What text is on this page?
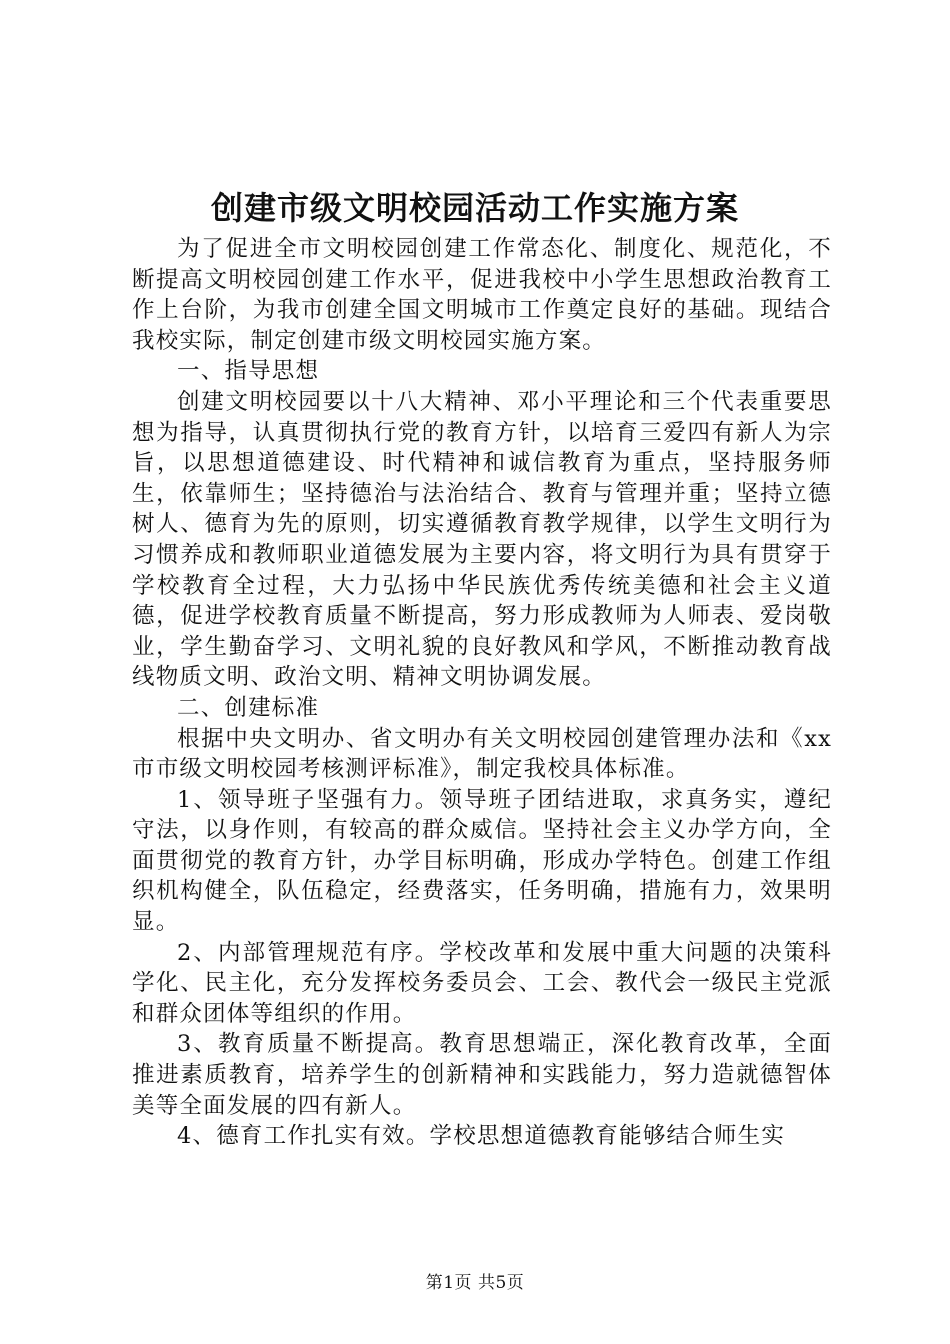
创建市级文明校园活动工作实施方案

为了促进全市文明校园创建工作常态化、制度化、规范化，不断提高文明校园创建工作水平，促进我校中小学生思想政治教育工作上台阶，为我市创建全国文明城市工作奠定良好的基础。现结合我校实际，制定创建市级文明校园实施方案。

一、指导思想

创建文明校园要以十八大精神、邓小平理论和三个代表重要思想为指导，认真贯彻执行党的教育方针，以培育三爱四有新人为宗旨，以思想道德建设、时代精神和诚信教育为重点，坚持服务师生，依靠师生；坚持德治与法治结合、教育与管理并重；坚持立德树人、德育为先的原则，切实遵循教育教学规律，以学生文明行为习惯养成和教师职业道德发展为主要内容，将文明行为具有贯穿于学校教育全过程，大力弘扬中华民族优秀传统美德和社会主义道德，促进学校教育质量不断提高，努力形成教师为人师表、爱岗敬业，学生勤奋学习、文明礼貌的良好教风和学风，不断推动教育战线物质文明、政治文明、精神文明协调发展。

二、创建标准

根据中央文明办、省文明办有关文明校园创建管理办法和《xx市市级文明校园考核测评标准》，制定我校具体标准。

1、领导班子坚强有力。领导班子团结进取，求真务实，遵纪守法，以身作则，有较高的群众威信。坚持社会主义办学方向，全面贯彻党的教育方针，办学目标明确，形成办学特色。创建工作组织机构健全，队伍稳定，经费落实，任务明确，措施有力，效果明显。

2、内部管理规范有序。学校改革和发展中重大问题的决策科学化、民主化，充分发挥校务委员会、工会、教代会一级民主党派和群众团体等组织的作用。

3、教育质量不断提高。教育思想端正，深化教育改革，全面推进素质教育，培养学生的创新精神和实践能力，努力造就德智体美等全面发展的四有新人。

4、德育工作扎实有效。学校思想道德教育能够结合师生实

第1页 共5页
